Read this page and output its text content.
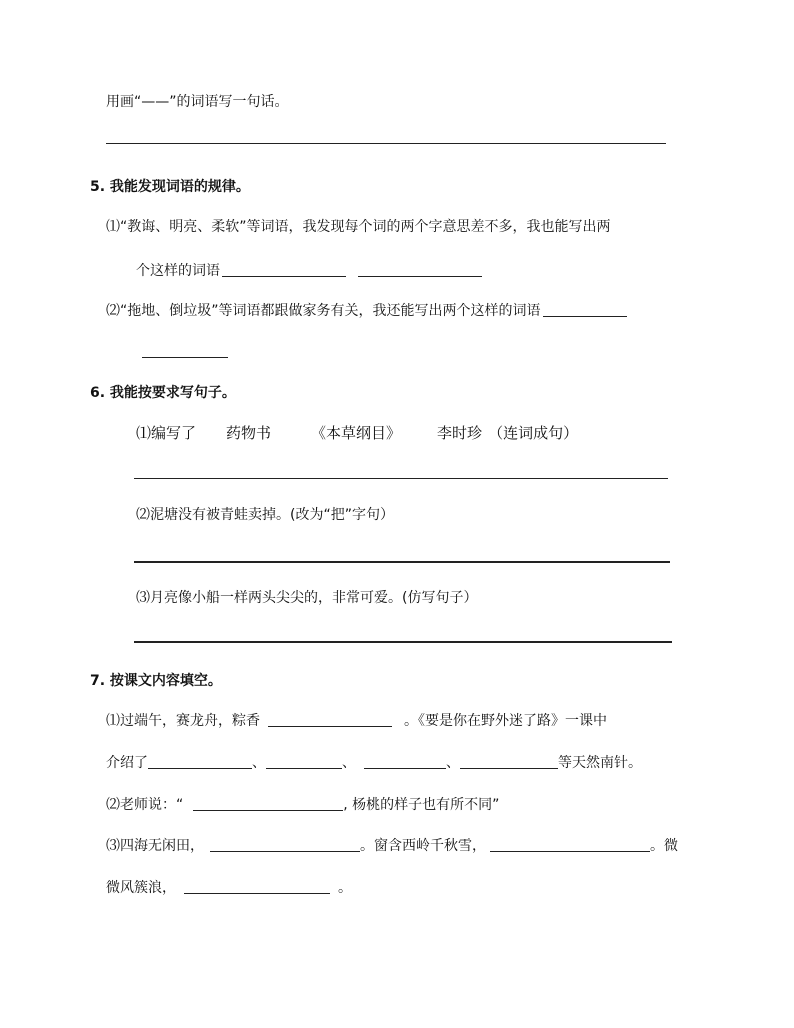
用画“——”的词语写一句话。
5. 我能发现词语的规律。
⑴“教诲、明亮、柔软”等词语，我发现每个词的两个字意思差不多，我也能写出两
个这样的词语
⑵“拖地、倒垃圾”等词语都跟做家务有关，我还能写出两个这样的词语
6. 我能按要求写句子。
⑴编写了 药物书	《本草纲目》 李时珍 （连词成句）
⑵泥塘没有被青蛙卖掉。(改为“把”字句）
⑶月亮像小船一样两头尖尖的，非常可爱。(仿写句子）
7. 按课文内容填空。
⑴过端午，赛龙舟，粽香	。《要是你在野外迷了路》一课中
介绍了	、	、	、	等天然南针。
⑵老师说：“	, 杨桃的样子也有所不同”
⑶四海无闲田，	。窗含西岭千秋雪，	。微
微风簇浪，	。
